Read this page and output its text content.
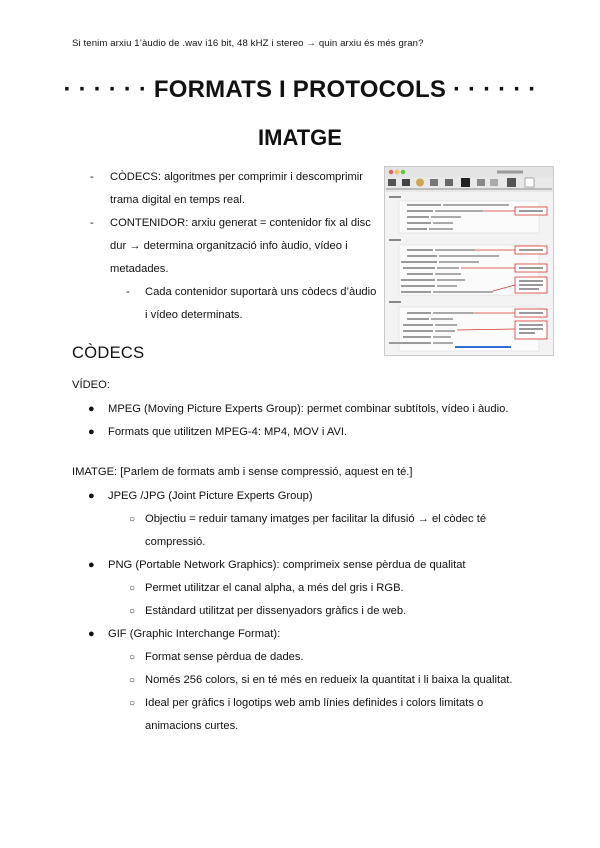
Si tenim arxiu 1’àudio de .wav i16 bit, 48 kHZ i stereo → quin arxiu és més gran?
· · · · · · FORMATS I PROTOCOLS · · · · · ·
IMATGE
- CÒDECS: algoritmes per comprimir i descomprimir trama digital en temps real.
- CONTENIDOR: arxiu generat = contenidor fix al disc dur → determina organització info àudio, vídeo i metadades.
- Cada contenidor suportarà uns còdecs d’àudio i vídeo determinats.
CÒDECS
VÍDEO:
● MPEG (Moving Picture Experts Group): permet combinar subtítols, vídeo i àudio.
● Formats que utilitzen MPEG-4: MP4, MOV i AVI.
IMATGE: [Parlem de formats amb i sense compressió, aquest en té.]
● JPEG /JPG (Joint Picture Experts Group)
○ Objectiu = reduir tamany imatges per facilitar la difusió → el còdec té compressió.
● PNG (Portable Network Graphics): comprimeix sense pèrdua de qualitat
○ Permet utilitzar el canal alpha, a més del gris i RGB.
○ Estàndard utilitzat per dissenyadors gràfics i de web.
● GIF (Graphic Interchange Format):
○ Format sense pèrdua de dades.
○ Només 256 colors, si en té més en redueix la quantitat i li baixa la qualitat.
○ Ideal per gràfics i logotips web amb línies definides i colors limitats o animacions curtes.
